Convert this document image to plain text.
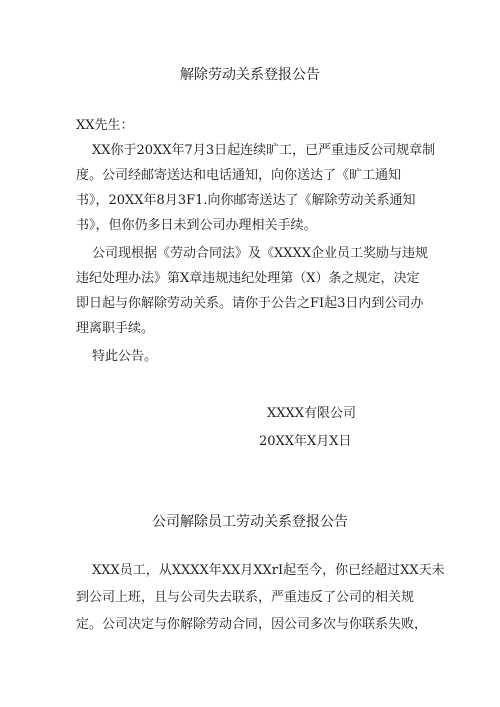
解除劳动关系登报公告
XX先生：
XX你于20XX年7月3日起连续旷工，已严重违反公司规章制
度。公司经邮寄送达和电话通知，向你送达了《旷工通知
书》，20XX年8月3F1.向你邮寄送达了《解除劳动关系通知
书》，但你仍多日未到公司办理相关手续。
公司现根据《劳动合同法》及《XXXX企业员工奖励与违规
违纪处理办法》第X章违规违纪处理第（X）条之规定，决定
即日起与你解除劳动关系。请你于公告之FI起3日内到公司办
理离职手续。
特此公告。
XXXX有限公司
20XX年X月X日
公司解除员工劳动关系登报公告
XXX员工，从XXXX年XX月XXrI起至今，你已经超过XX天未
到公司上班，且与公司失去联系，严重违反了公司的相关规
定。公司决定与你解除劳动合同，因公司多次与你联系失败，
